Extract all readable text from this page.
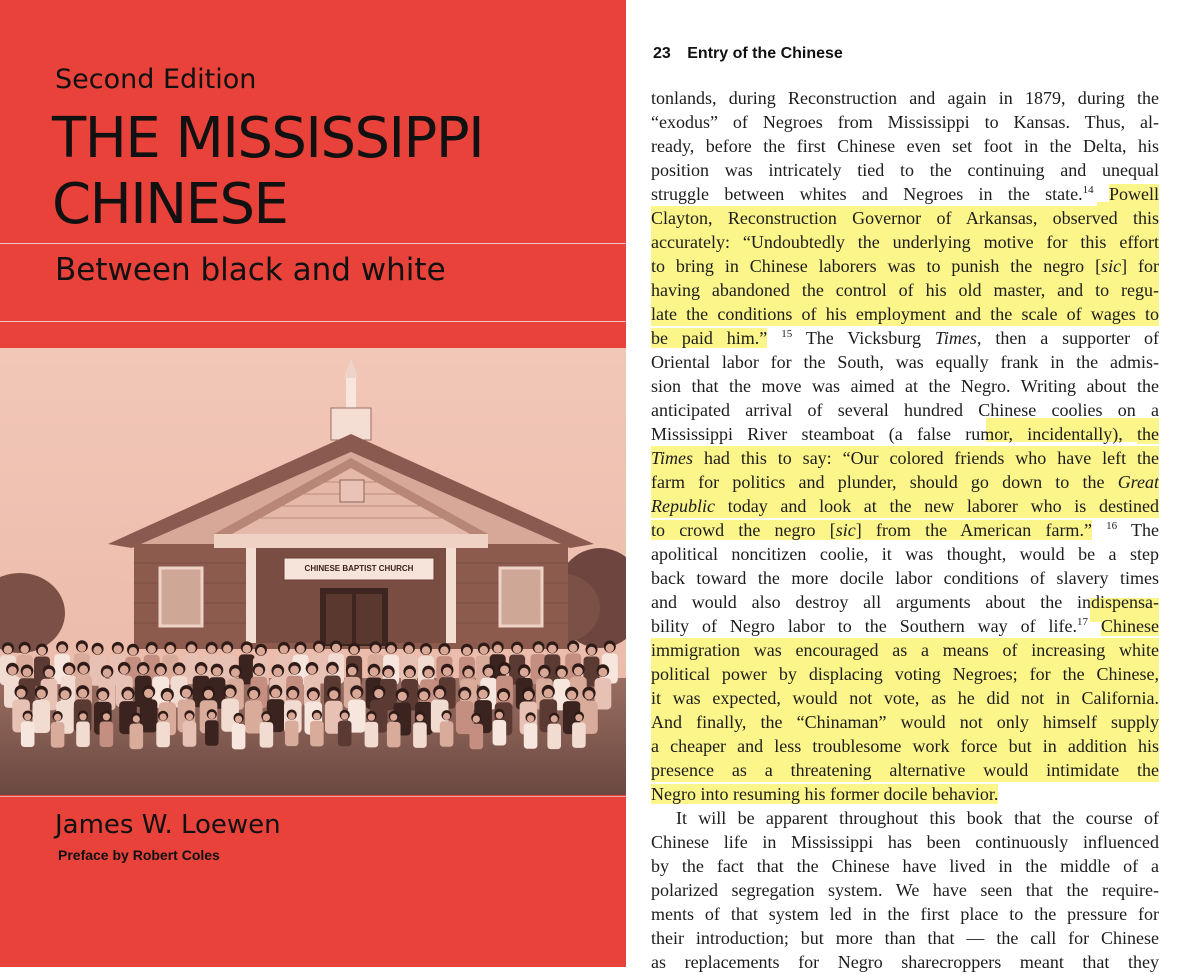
Second Edition
THE MISSISSIPPI
CHINESE
Between black and white
CHINESE BAPTIST CHURCH
James W. Loewen
Preface by Robert Coles
23 Entry of the Chinese
tonlands, during Reconstruction and again in 1879, during the
“exodus” of Negroes from Mississippi to Kansas. Thus, al-
ready, before the first Chinese even set foot in the Delta, his
position was intricately tied to the continuing and unequal
struggle between whites and Negroes in the state.$^{14}$ Powell
Clayton, Reconstruction Governor of Arkansas, observed this
accurately: “Undoubtedly the underlying motive for this effort
to bring in Chinese laborers was to punish the negro [sic] for
having abandoned the control of his old master, and to regu-
late the conditions of his employment and the scale of wages to
be paid him.” $^{15}$ The Vicksburg Times, then a supporter of
Oriental labor for the South, was equally frank in the admis-
sion that the move was aimed at the Negro. Writing about the
anticipated arrival of several hundred Chinese coolies on a
Mississippi River steamboat (a false rumor, incidentally), the
Times had this to say: “Our colored friends who have left the
farm for politics and plunder, should go down to the Great
Republic today and look at the new laborer who is destined
to crowd the negro [sic] from the American farm.” $^{16}$ The
apolitical noncitizen coolie, it was thought, would be a step
back toward the more docile labor conditions of slavery times
and would also destroy all arguments about the indispensa-
bility of Negro labor to the Southern way of life.$^{17}$ Chinese
immigration was encouraged as a means of increasing white
political power by displacing voting Negroes; for the Chinese,
it was expected, would not vote, as he did not in California.
And finally, the “Chinaman” would not only himself supply
a cheaper and less troublesome work force but in addition his
presence as a threatening alternative would intimidate the
Negro into resuming his former docile behavior.
It will be apparent throughout this book that the course of
Chinese life in Mississippi has been continuously influenced
by the fact that the Chinese have lived in the middle of a
polarized segregation system. We have seen that the require-
ments of that system led in the first place to the pressure for
their introduction; but more than that — the call for Chinese
as replacements for Negro sharecroppers meant that they
